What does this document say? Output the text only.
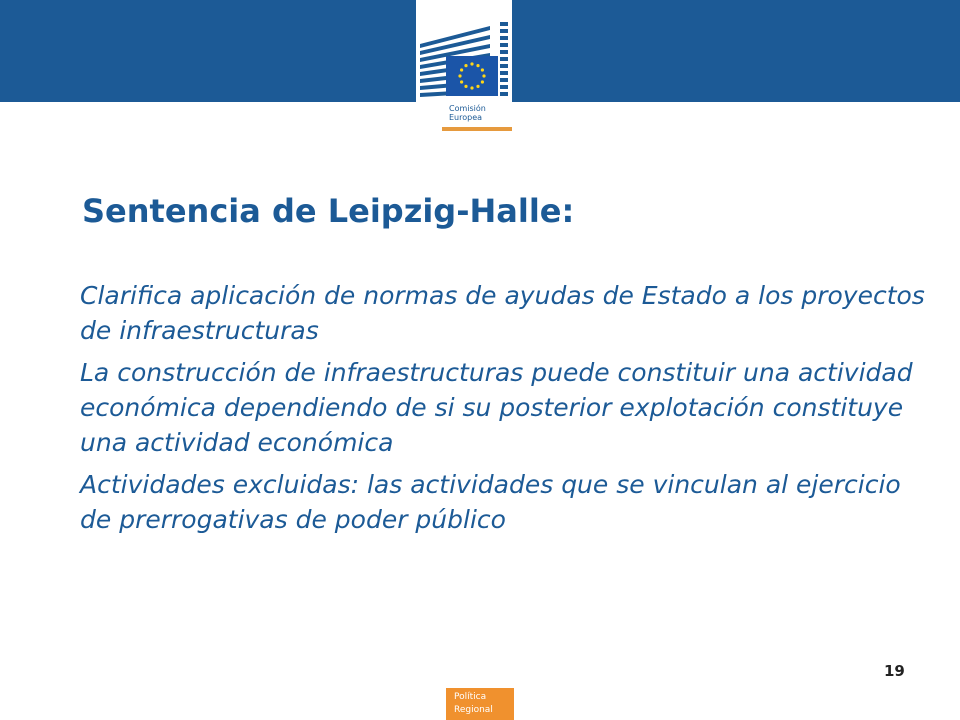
Comisión
Europea
Sentencia de Leipzig-Halle:
Clarifica aplicación de normas de ayudas de Estado a los proyectos de infraestructuras
La construcción de infraestructuras puede constituir una actividad económica dependiendo de si su posterior explotación constituye una actividad económica
Actividades excluidas: las actividades que se vinculan al ejercicio de prerrogativas de poder público
19
Política
Regional
